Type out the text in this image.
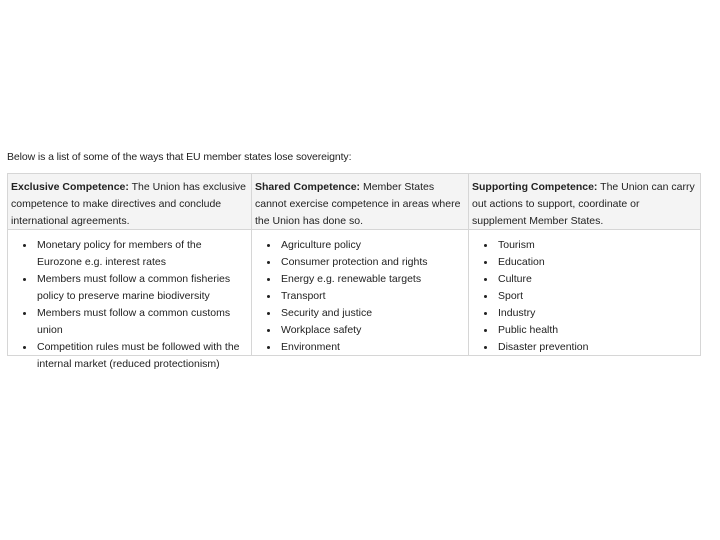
Below is a list of some of the ways that EU member states lose sovereignty:
Exclusive Competence: The Union has exclusive competence to make directives and conclude international agreements.
Shared Competence: Member States cannot exercise competence in areas where the Union has done so.
Supporting Competence: The Union can carry out actions to support, coordinate or supplement Member States.
Monetary policy for members of the Eurozone e.g. interest rates
Members must follow a common fisheries policy to preserve marine biodiversity
Members must follow a common customs union
Competition rules must be followed with the internal market (reduced protectionism)
Agriculture policy
Consumer protection and rights
Energy e.g. renewable targets
Transport
Security and justice
Workplace safety
Environment
Tourism
Education
Culture
Sport
Industry
Public health
Disaster prevention
